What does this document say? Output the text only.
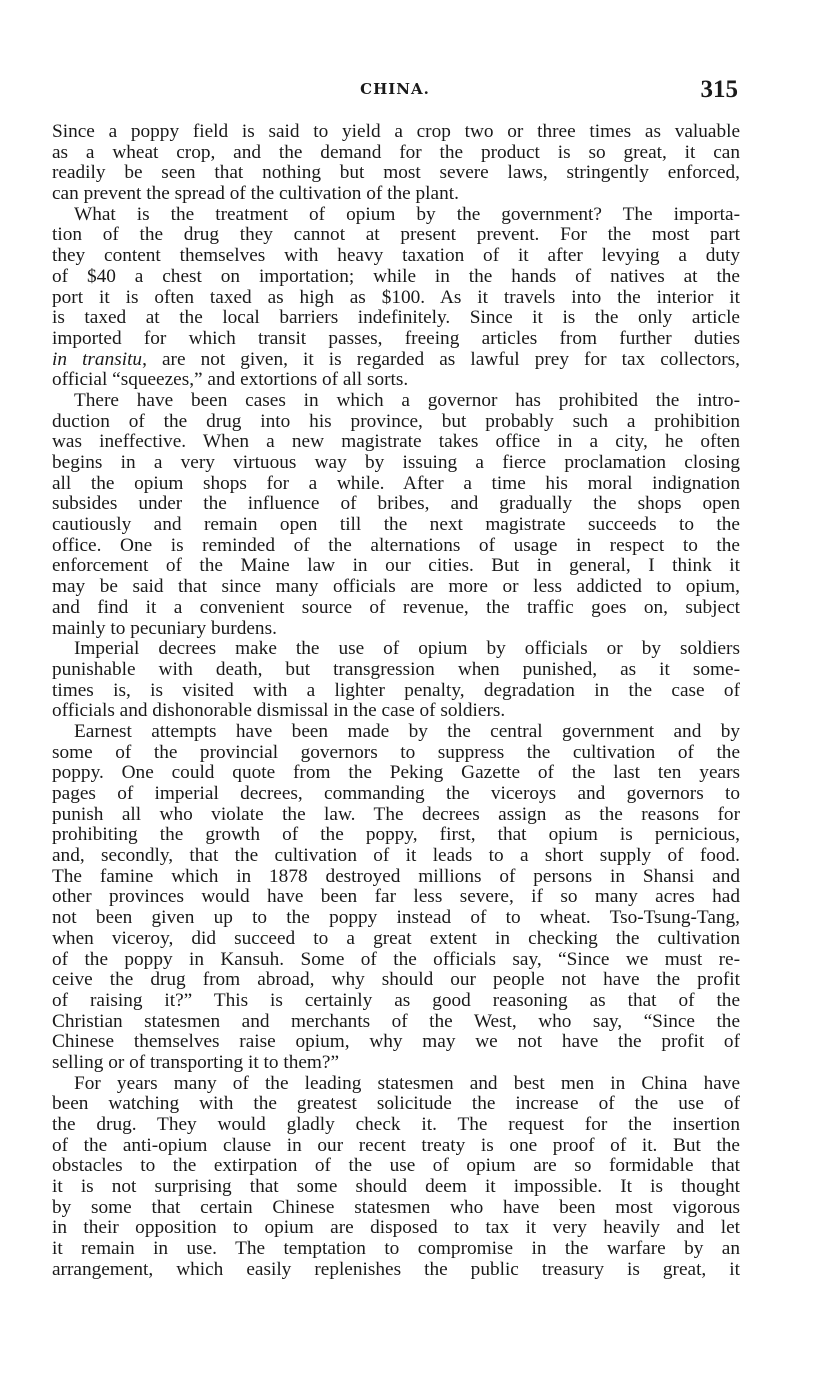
CHINA.	315
Since a poppy field is said to yield a crop two or three times as valuable
as a wheat crop, and the demand for the product is so great, it can
readily be seen that nothing but most severe laws, stringently enforced,
can prevent the spread of the cultivation of the plant.
What is the treatment of opium by the government? The importa-
tion of the drug they cannot at present prevent. For the most part
they content themselves with heavy taxation of it after levying a duty
of $40 a chest on importation; while in the hands of natives at the
port it is often taxed as high as $100. As it travels into the interior it
is taxed at the local barriers indefinitely. Since it is the only article
imported for which transit passes, freeing articles from further duties
in transitu, are not given, it is regarded as lawful prey for tax collectors,
official “squeezes,” and extortions of all sorts.
There have been cases in which a governor has prohibited the intro-
duction of the drug into his province, but probably such a prohibition
was ineffective. When a new magistrate takes office in a city, he often
begins in a very virtuous way by issuing a fierce proclamation closing
all the opium shops for a while. After a time his moral indignation
subsides under the influence of bribes, and gradually the shops open
cautiously and remain open till the next magistrate succeeds to the
office. One is reminded of the alternations of usage in respect to the
enforcement of the Maine law in our cities. But in general, I think it
may be said that since many officials are more or less addicted to opium,
and find it a convenient source of revenue, the traffic goes on, subject
mainly to pecuniary burdens.
Imperial decrees make the use of opium by officials or by soldiers
punishable with death, but transgression when punished, as it some-
times is, is visited with a lighter penalty, degradation in the case of
officials and dishonorable dismissal in the case of soldiers.
Earnest attempts have been made by the central government and by
some of the provincial governors to suppress the cultivation of the
poppy. One could quote from the Peking Gazette of the last ten years
pages of imperial decrees, commanding the viceroys and governors to
punish all who violate the law. The decrees assign as the reasons for
prohibiting the growth of the poppy, first, that opium is pernicious,
and, secondly, that the cultivation of it leads to a short supply of food.
The famine which in 1878 destroyed millions of persons in Shansi and
other provinces would have been far less severe, if so many acres had
not been given up to the poppy instead of to wheat. Tso-Tsung-Tang,
when viceroy, did succeed to a great extent in checking the cultivation
of the poppy in Kansuh. Some of the officials say, “Since we must re-
ceive the drug from abroad, why should our people not have the profit
of raising it?” This is certainly as good reasoning as that of the
Christian statesmen and merchants of the West, who say, “Since the
Chinese themselves raise opium, why may we not have the profit of
selling or of transporting it to them?”
For years many of the leading statesmen and best men in China have
been watching with the greatest solicitude the increase of the use of
the drug. They would gladly check it. The request for the insertion
of the anti-opium clause in our recent treaty is one proof of it. But the
obstacles to the extirpation of the use of opium are so formidable that
it is not surprising that some should deem it impossible. It is thought
by some that certain Chinese statesmen who have been most vigorous
in their opposition to opium are disposed to tax it very heavily and let
it remain in use. The temptation to compromise in the warfare by an
arrangement, which easily replenishes the public treasury is great, it
